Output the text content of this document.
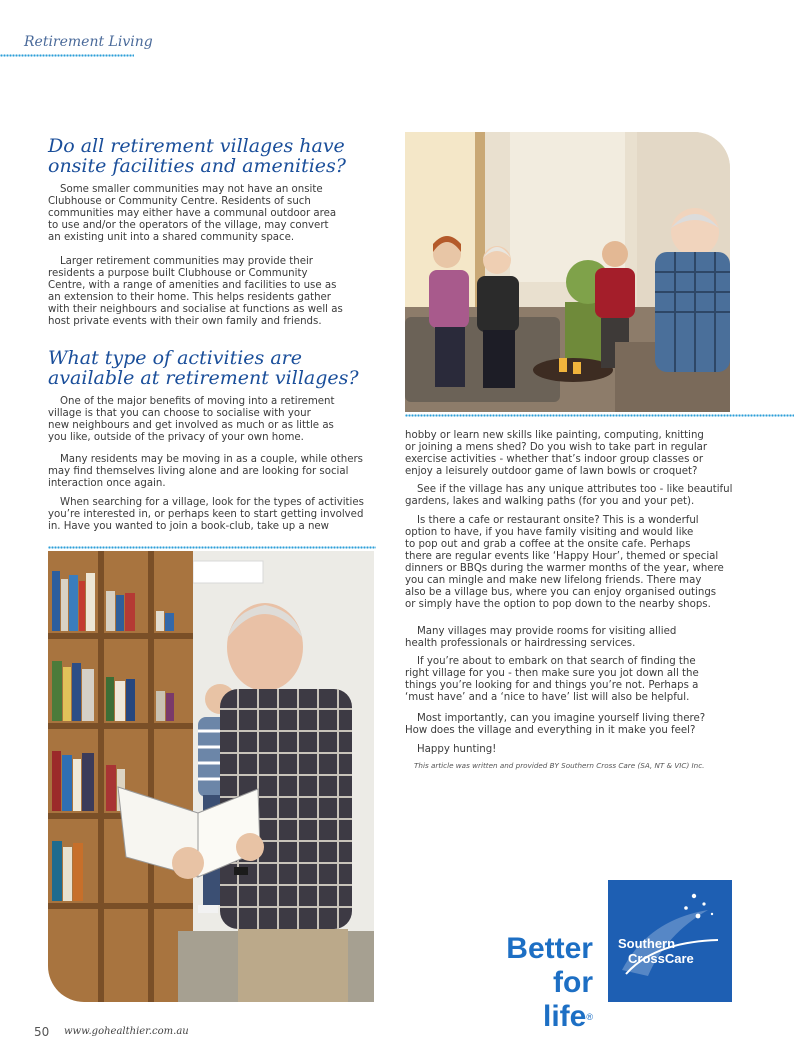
Retirement Living
Do all retirement villages have
onsite facilities and amenities?
Some smaller communities may not have an onsite
Clubhouse or Community Centre. Residents of such
communities may either have a communal outdoor area
to use and/or the operators of the village, may convert
an existing unit into a shared community space.
Larger retirement communities may provide their
residents a purpose built Clubhouse or Community
Centre, with a range of amenities and facilities to use as
an extension to their home. This helps residents gather
with their neighbours and socialise at functions as well as
host private events with their own family and friends.
What type of activities are
available at retirement villages?
One of the major benefits of moving into a retirement
village is that you can choose to socialise with your
new neighbours and get involved as much or as little as
you like, outside of the privacy of your own home.
Many residents may be moving in as a couple, while others
may find themselves living alone and are looking for social
interaction once again.
When searching for a village, look for the types of activities
you’re interested in, or perhaps keen to start getting involved
in. Have you wanted to join a book-club, take up a new
hobby or learn new skills like painting, computing, knitting
or joining a mens shed? Do you wish to take part in regular
exercise activities - whether that’s indoor group classes or
enjoy a leisurely outdoor game of lawn bowls or croquet?
See if the village has any unique attributes too - like beautiful
gardens, lakes and walking paths (for you and your pet).
Is there a cafe or restaurant onsite? This is a wonderful
option to have, if you have family visiting and would like
to pop out and grab a coffee at the onsite cafe. Perhaps
there are regular events like ‘Happy Hour’, themed or special
dinners or BBQs during the warmer months of the year, where
you can mingle and make new lifelong friends. There may
also be a village bus, where you can enjoy organised outings
or simply have the option to pop down to the nearby shops.
Many villages may provide rooms for visiting allied
health professionals or hairdressing services.
If you’re about to embark on that search of finding the
right village for you - then make sure you jot down all the
things you’re looking for and things you’re not. Perhaps a
‘must have’ and a ‘nice to have’ list will also be helpful.
Most importantly, can you imagine yourself living there?
How does the village and everything in it make you feel?
Happy hunting!
This article was written and provided BY Southern Cross Care (SA, NT & VIC) Inc.
Better
for life®
Southern
CrossCare
50 www.gohealthier.com.au
